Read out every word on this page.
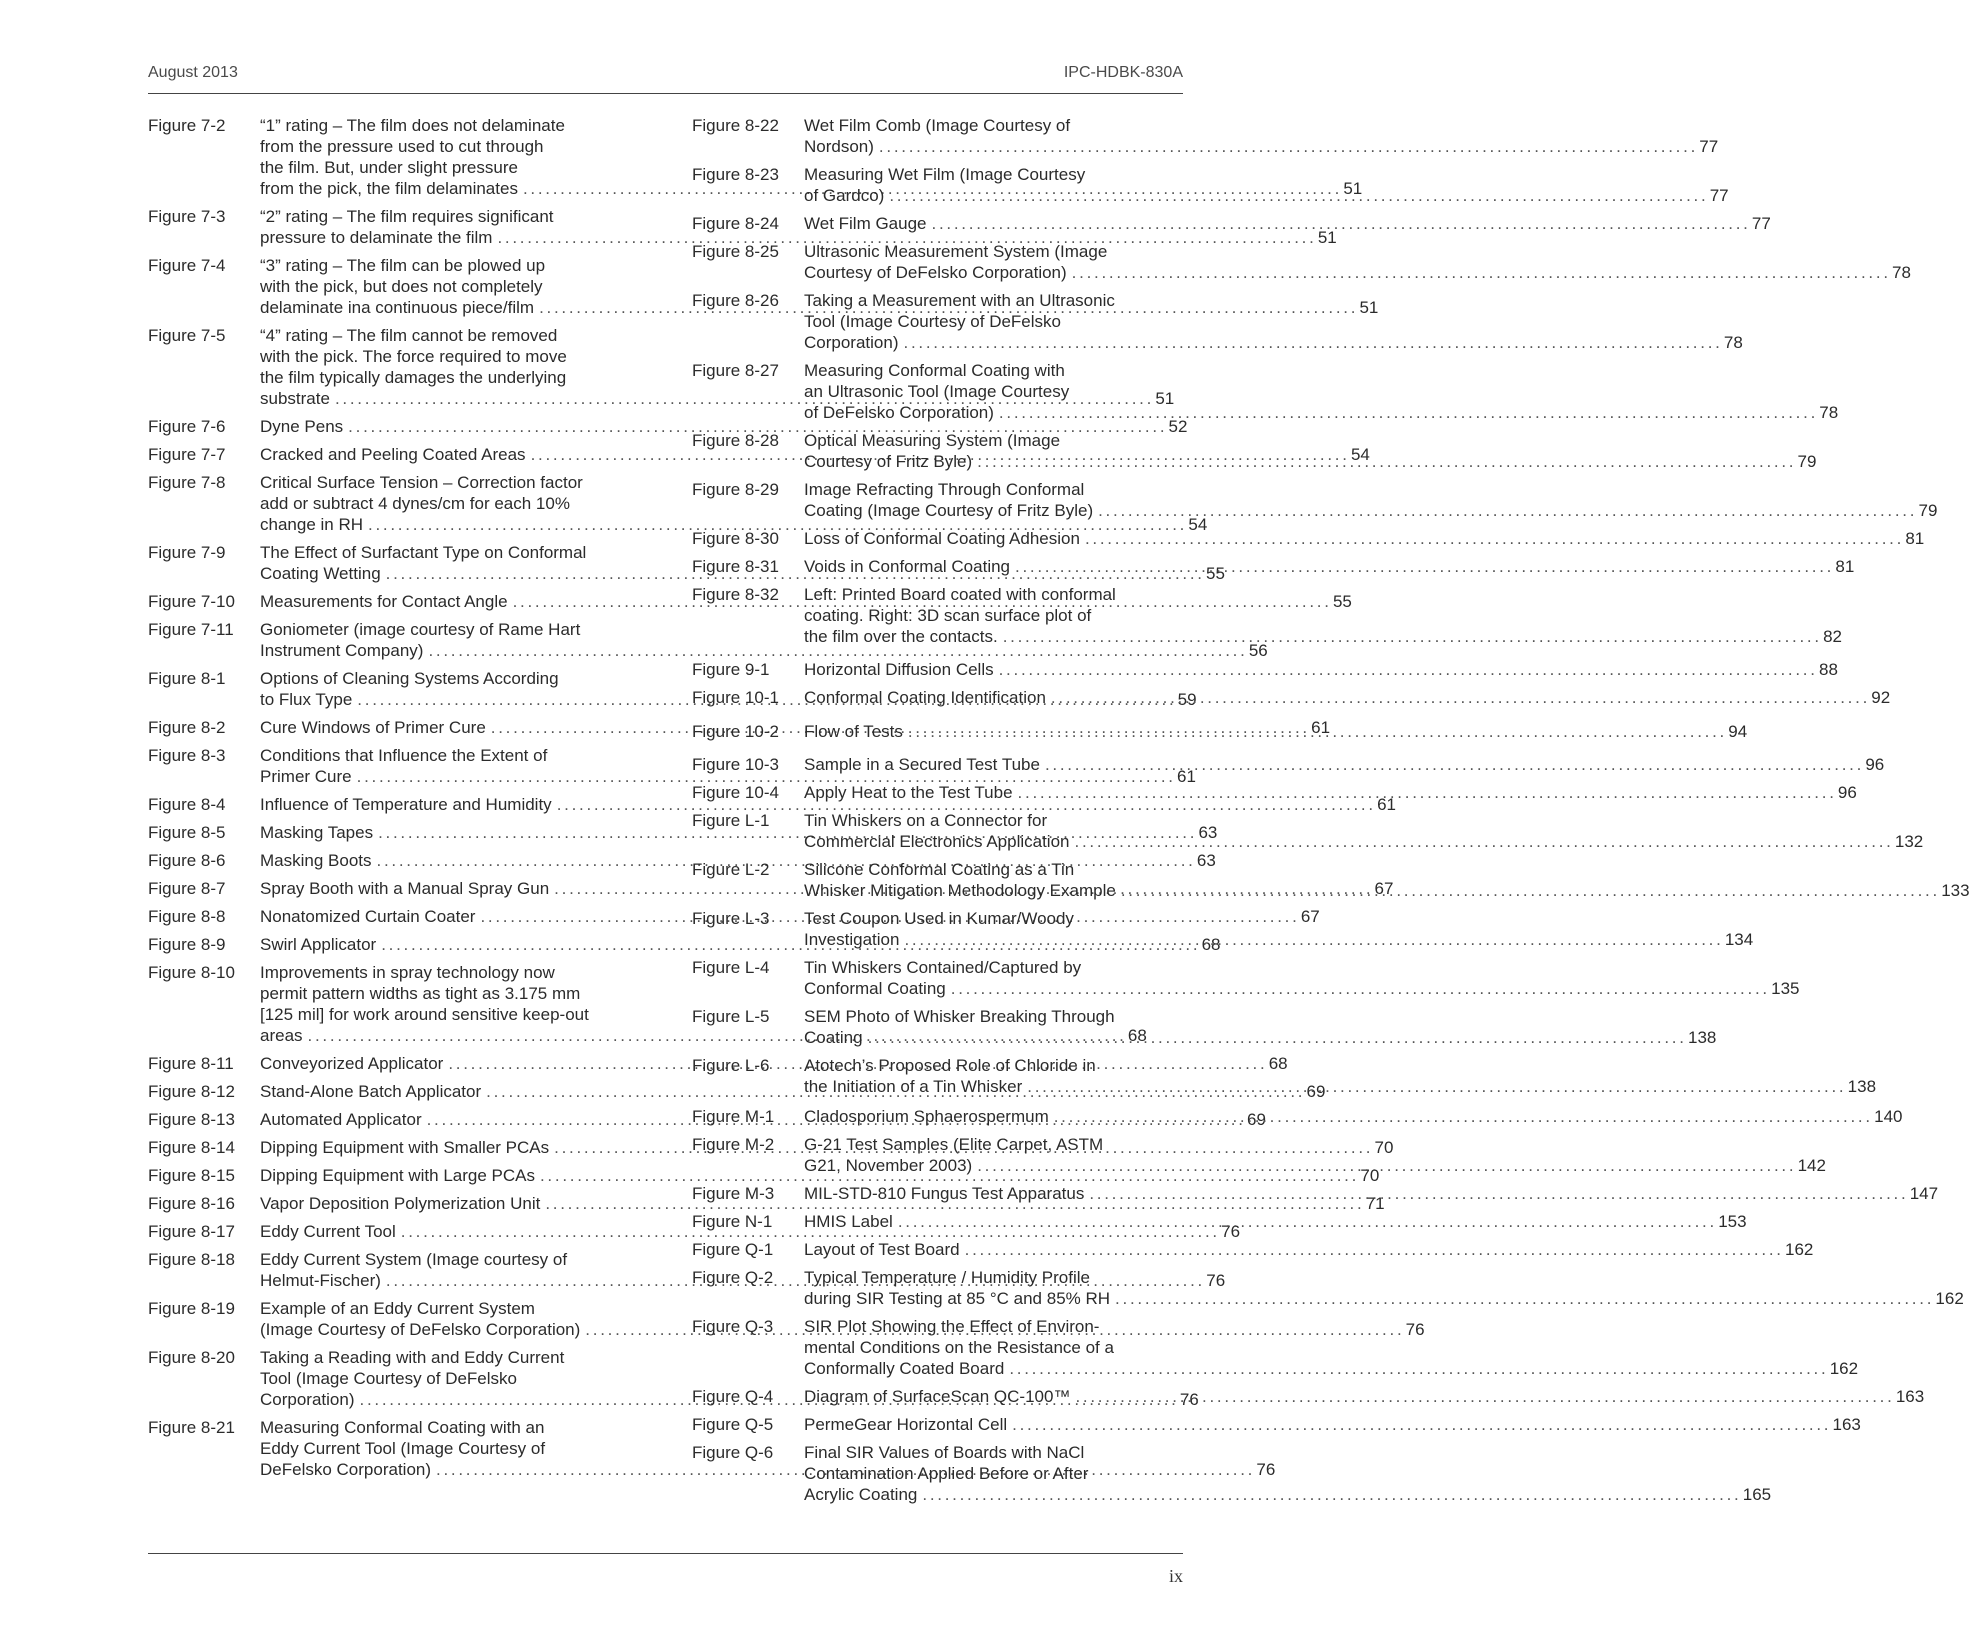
August 2013	IPC-HDBK-830A
Figure 7-2	“1” rating – The film does not delaminate
from the pressure used to cut through
the film. But, under slight pressure
from the pick, the film delaminates . . .	51
Figure 7-3	“2” rating – The film requires significant
pressure to delaminate the film . . .	51
Figure 7-4	“3” rating – The film can be plowed up
with the pick, but does not completely
delaminate ina continuous piece/film . . .	51
Figure 7-5	“4” rating – The film cannot be removed
with the pick. The force required to move
the film typically damages the underlying
substrate . . .	51
Figure 7-6	Dyne Pens . . .	52
Figure 7-7	Cracked and Peeling Coated Areas . . .	54
Figure 7-8	Critical Surface Tension – Correction factor
add or subtract 4 dynes/cm for each 10%
change in RH . . .	54
Figure 7-9	The Effect of Surfactant Type on Conformal
Coating Wetting . . .	55
Figure 7-10	Measurements for Contact Angle . . .	55
Figure 7-11	Goniometer (image courtesy of Rame Hart
Instrument Company) . . .	56
Figure 8-1	Options of Cleaning Systems According
to Flux Type . . .	59
Figure 8-2	Cure Windows of Primer Cure . . .	61
Figure 8-3	Conditions that Influence the Extent of
Primer Cure . . .	61
Figure 8-4	Influence of Temperature and Humidity . . .	61
Figure 8-5	Masking Tapes . . .	63
Figure 8-6	Masking Boots . . .	63
Figure 8-7	Spray Booth with a Manual Spray Gun . . .	67
Figure 8-8	Nonatomized Curtain Coater . . .	67
Figure 8-9	Swirl Applicator . . .	68
Figure 8-10	Improvements in spray technology now
permit pattern widths as tight as 3.175 mm
[125 mil] for work around sensitive keep-out
areas . . .	68
Figure 8-11	Conveyorized Applicator . . .	68
Figure 8-12	Stand-Alone Batch Applicator . . .	69
Figure 8-13	Automated Applicator . . .	69
Figure 8-14	Dipping Equipment with Smaller PCAs . . .	70
Figure 8-15	Dipping Equipment with Large PCAs . . .	70
Figure 8-16	Vapor Deposition Polymerization Unit . . .	71
Figure 8-17	Eddy Current Tool . . .	76
Figure 8-18	Eddy Current System (Image courtesy of
Helmut-Fischer) . . .	76
Figure 8-19	Example of an Eddy Current System
(Image Courtesy of DeFelsko Corporation) . . .	76
Figure 8-20	Taking a Reading with and Eddy Current
Tool (Image Courtesy of DeFelsko
Corporation) . . .	76
Figure 8-21	Measuring Conformal Coating with an
Eddy Current Tool (Image Courtesy of
DeFelsko Corporation) . . .	76
Figure 8-22	Wet Film Comb (Image Courtesy of
Nordson) . . .	77
Figure 8-23	Measuring Wet Film (Image Courtesy
of Gardco) . . .	77
Figure 8-24	Wet Film Gauge . . .	77
Figure 8-25	Ultrasonic Measurement System (Image
Courtesy of DeFelsko Corporation) . . .	78
Figure 8-26	Taking a Measurement with an Ultrasonic
Tool (Image Courtesy of DeFelsko
Corporation) . . .	78
Figure 8-27	Measuring Conformal Coating with
an Ultrasonic Tool (Image Courtesy
of DeFelsko Corporation) . . .	78
Figure 8-28	Optical Measuring System (Image
Courtesy of Fritz Byle) . . .	79
Figure 8-29	Image Refracting Through Conformal
Coating (Image Courtesy of Fritz Byle) . . .	79
Figure 8-30	Loss of Conformal Coating Adhesion . . .	81
Figure 8-31	Voids in Conformal Coating . . .	81
Figure 8-32	Left: Printed Board coated with conformal
coating. Right: 3D scan surface plot of
the film over the contacts. . . .	82
Figure 9-1	Horizontal Diffusion Cells . . .	88
Figure 10-1	Conformal Coating Identification . . .	92
Figure 10-2	Flow of Tests . . .	94
Figure 10-3	Sample in a Secured Test Tube . . .	96
Figure 10-4	Apply Heat to the Test Tube . . .	96
Figure L-1	Tin Whiskers on a Connector for
Commercial Electronics Application . . .	132
Figure L-2	Silicone Conformal Coating as a Tin
Whisker Mitigation Methodology Example . . .	133
Figure L-3	Test Coupon Used in Kumar/Woody
Investigation . . .	134
Figure L-4	Tin Whiskers Contained/Captured by
Conformal Coating . . .	135
Figure L-5	SEM Photo of Whisker Breaking Through
Coating . . .	138
Figure L-6	Atotech’s Proposed Role of Chloride in
the Initiation of a Tin Whisker . . .	138
Figure M-1	Cladosporium Sphaerospermum . . .	140
Figure M-2	G-21 Test Samples (Elite Carpet, ASTM
G21, November 2003) . . .	142
Figure M-3	MIL-STD-810 Fungus Test Apparatus . . .	147
Figure N-1	HMIS Label . . .	153
Figure Q-1	Layout of Test Board . . .	162
Figure Q-2	Typical Temperature / Humidity Profile
during SIR Testing at 85 °C and 85% RH . . .	162
Figure Q-3	SIR Plot Showing the Effect of Environ-
mental Conditions on the Resistance of a
Conformally Coated Board . . .	162
Figure Q-4	Diagram of SurfaceScan QC-100™ . . .	163
Figure Q-5	PermeGear Horizontal Cell . . .	163
Figure Q-6	Final SIR Values of Boards with NaCl
Contamination Applied Before or After
Acrylic Coating . . .	165
ix
